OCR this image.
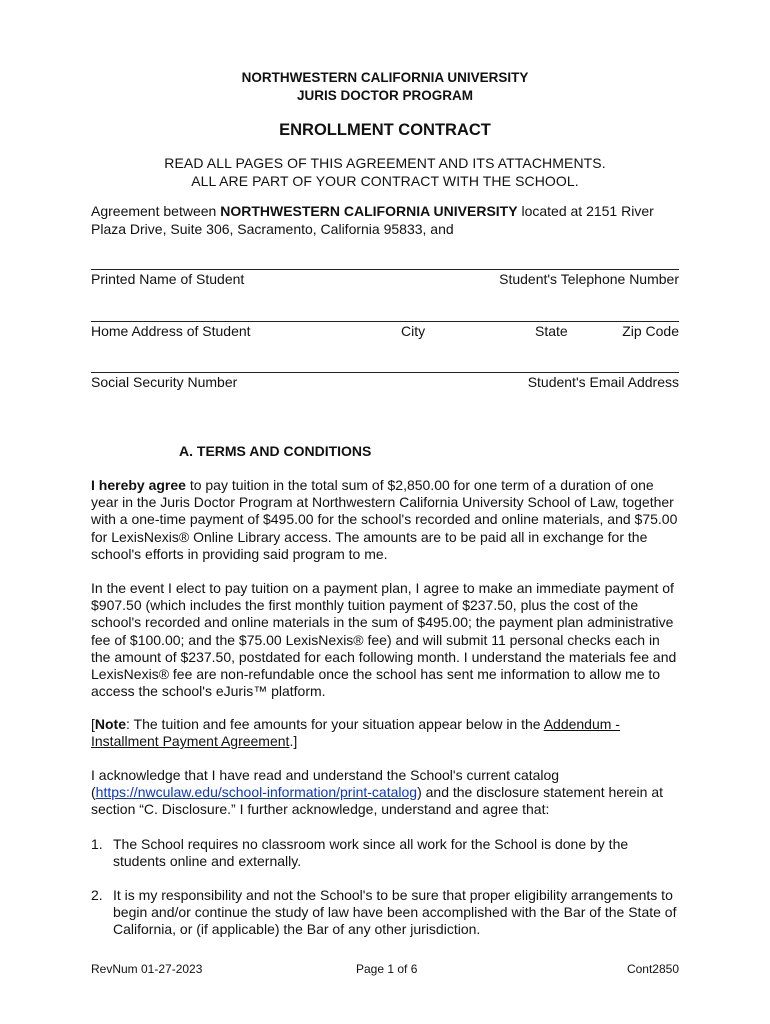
NORTHWESTERN CALIFORNIA UNIVERSITY
JURIS DOCTOR PROGRAM
ENROLLMENT CONTRACT
READ ALL PAGES OF THIS AGREEMENT AND ITS ATTACHMENTS.
ALL ARE PART OF YOUR CONTRACT WITH THE SCHOOL.
Agreement between NORTHWESTERN CALIFORNIA UNIVERSITY located at 2151 River Plaza Drive, Suite 306, Sacramento, California 95833, and
Printed Name of Student	Student's Telephone Number
Home Address of Student	City	State	Zip Code
Social Security Number	Student's Email Address
A. TERMS AND CONDITIONS

I hereby agree to pay tuition in the total sum of $2,850.00 for one term of a duration of one year in the Juris Doctor Program at Northwestern California University School of Law, together with a one-time payment of $495.00 for the school's recorded and online materials, and $75.00 for LexisNexis® Online Library access. The amounts are to be paid all in exchange for the school's efforts in providing said program to me.

In the event I elect to pay tuition on a payment plan, I agree to make an immediate payment of $907.50 (which includes the first monthly tuition payment of $237.50, plus the cost of the school's recorded and online materials in the sum of $495.00; the payment plan administrative fee of $100.00; and the $75.00 LexisNexis® fee) and will submit 11 personal checks each in the amount of $237.50, postdated for each following month. I understand the materials fee and LexisNexis® fee are non-refundable once the school has sent me information to allow me to access the school's eJuris™ platform.

[Note: The tuition and fee amounts for your situation appear below in the Addendum - Installment Payment Agreement.]

I acknowledge that I have read and understand the School's current catalog (https://nwculaw.edu/school-information/print-catalog) and the disclosure statement herein at section “C. Disclosure.” I further acknowledge, understand and agree that:

1. The School requires no classroom work since all work for the School is done by the students online and externally.
2. It is my responsibility and not the School's to be sure that proper eligibility arrangements to begin and/or continue the study of law have been accomplished with the Bar of the State of California, or (if applicable) the Bar of any other jurisdiction.
RevNum 01-27-2023	Page 1 of 6	Cont2850
